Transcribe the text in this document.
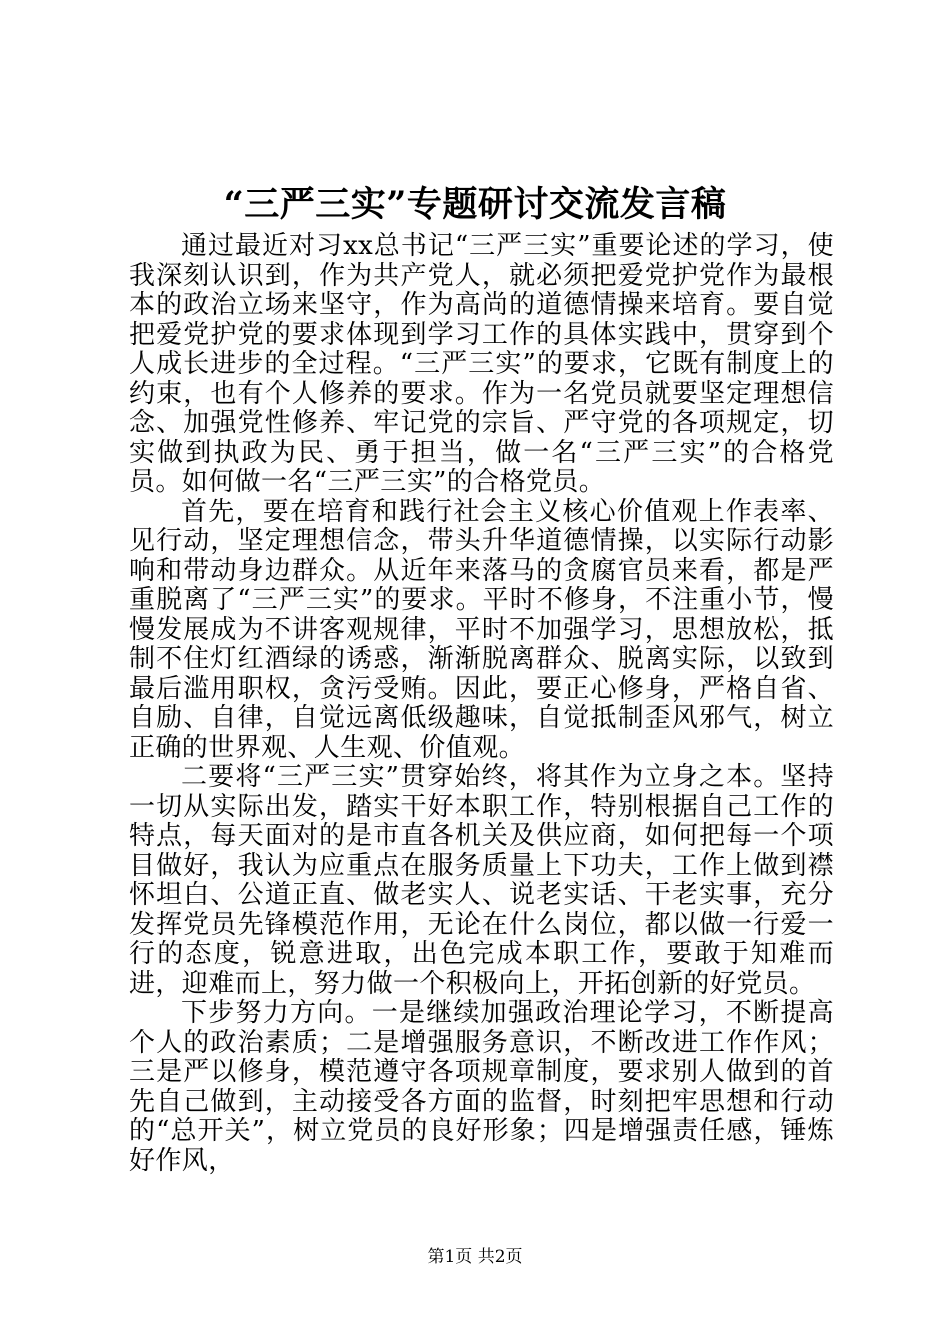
“三严三实”专题研讨交流发言稿

通过最近对习xx总书记“三严三实”重要论述的学习，使我深刻认识到，作为共产党人，就必须把爱党护党作为最根本的政治立场来坚守，作为高尚的道德情操来培育。要自觉把爱党护党的要求体现到学习工作的具体实践中，贯穿到个人成长进步的全过程。“三严三实”的要求，它既有制度上的约束，也有个人修养的要求。作为一名党员就要坚定理想信念、加强党性修养、牢记党的宗旨、严守党的各项规定，切实做到执政为民、勇于担当，做一名“三严三实”的合格党员。如何做一名“三严三实”的合格党员。

首先，要在培育和践行社会主义核心价值观上作表率、见行动，坚定理想信念，带头升华道德情操，以实际行动影响和带动身边群众。从近年来落马的贪腐官员来看，都是严重脱离了“三严三实”的要求。平时不修身，不注重小节，慢慢发展成为不讲客观规律，平时不加强学习，思想放松，抵制不住灯红酒绿的诱惑，渐渐脱离群众、脱离实际，以致到最后滥用职权，贪污受贿。因此，要正心修身，严格自省、自励、自律，自觉远离低级趣味，自觉抵制歪风邪气，树立正确的世界观、人生观、价值观。

二要将“三严三实”贯穿始终，将其作为立身之本。坚持一切从实际出发，踏实干好本职工作，特别根据自己工作的特点，每天面对的是市直各机关及供应商，如何把每一个项目做好，我认为应重点在服务质量上下功夫，工作上做到襟怀坦白、公道正直、做老实人、说老实话、干老实事，充分发挥党员先锋模范作用，无论在什么岗位，都以做一行爱一行的态度，锐意进取，出色完成本职工作，要敢于知难而进，迎难而上，努力做一个积极向上，开拓创新的好党员。

下步努力方向。一是继续加强政治理论学习，不断提高个人的政治素质；二是增强服务意识，不断改进工作作风；三是严以修身，模范遵守各项规章制度，要求别人做到的首先自己做到，主动接受各方面的监督，时刻把牢思想和行动的“总开关”，树立党员的良好形象；四是增强责任感，锤炼好作风，

第1页 共2页
